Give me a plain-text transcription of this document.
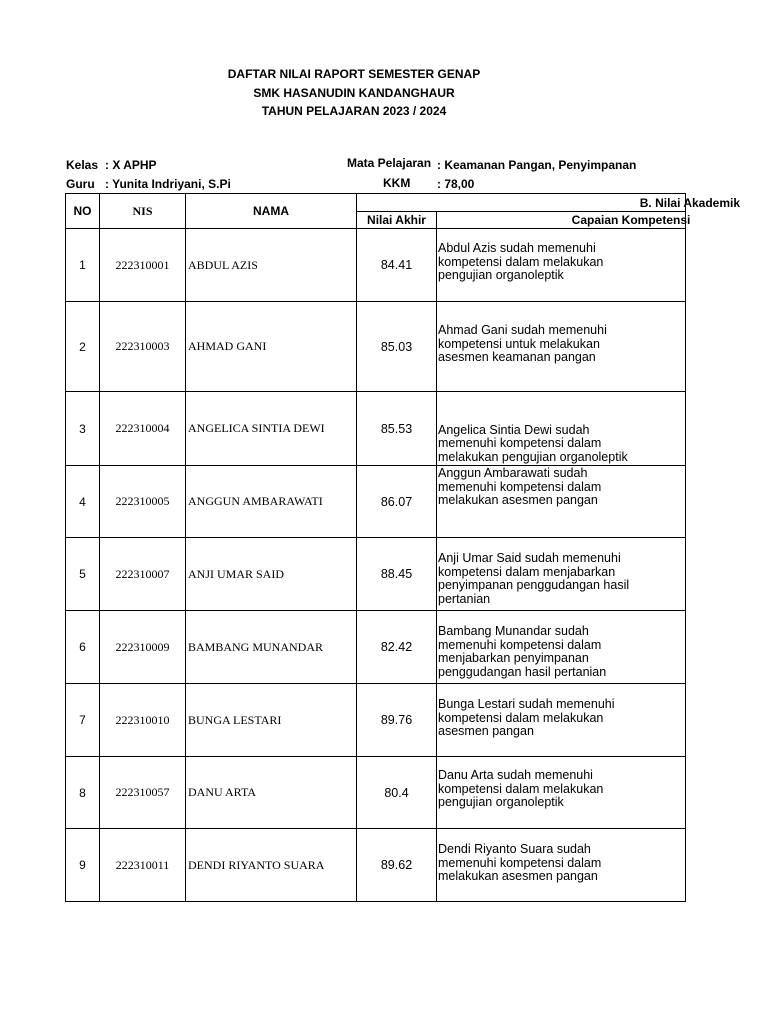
DAFTAR NILAI RAPORT SEMESTER GENAP
SMK HASANUDIN KANDANGHAUR
TAHUN PELAJARAN 2023 / 2024
Kelas : X APHP
Guru : Yunita Indriyani, S.Pi
Mata Pelajaran : Keamanan Pangan, Penyimpanan
KKM : 78,00
NO	NIS	NAMA	B. Nilai Akademik	
			Nilai Akhir	Capaian Kompetensi
1	222310001	ABDUL AZIS	84.41	Abdul Azis sudah memenuhi kompetensi dalam melakukan pengujian organoleptik

2	222310003	AHMAD GANI	85.03	Ahmad Gani sudah memenuhi kompetensi untuk melakukan asesmen keamanan pangan

3	222310004	ANGELICA SINTIA DEWI	85.53	Angelica Sintia Dewi sudah memenuhi kompetensi dalam melakukan pengujian organoleptik

4	222310005	ANGGUN AMBARAWATI	86.07	Anggun Ambarawati sudah memenuhi kompetensi dalam melakukan asesmen pangan

5	222310007	ANJI UMAR SAID	88.45	Anji Umar Said sudah memenuhi kompetensi dalam menjabarkan penyimpanan penggudangan hasil pertanian

6	222310009	BAMBANG MUNANDAR	82.42	Bambang Munandar sudah memenuhi kompetensi dalam menjabarkan penyimpanan penggudangan hasil pertanian

7	222310010	BUNGA LESTARI	89.76	Bunga Lestari sudah memenuhi kompetensi dalam melakukan asesmen pangan

8	222310057	DANU ARTA	80.4	Danu Arta sudah memenuhi kompetensi dalam melakukan pengujian organoleptik

9	222310011	DENDI RIYANTO SUARA	89.62	Dendi Riyanto Suara sudah memenuhi kompetensi dalam melakukan asesmen pangan
